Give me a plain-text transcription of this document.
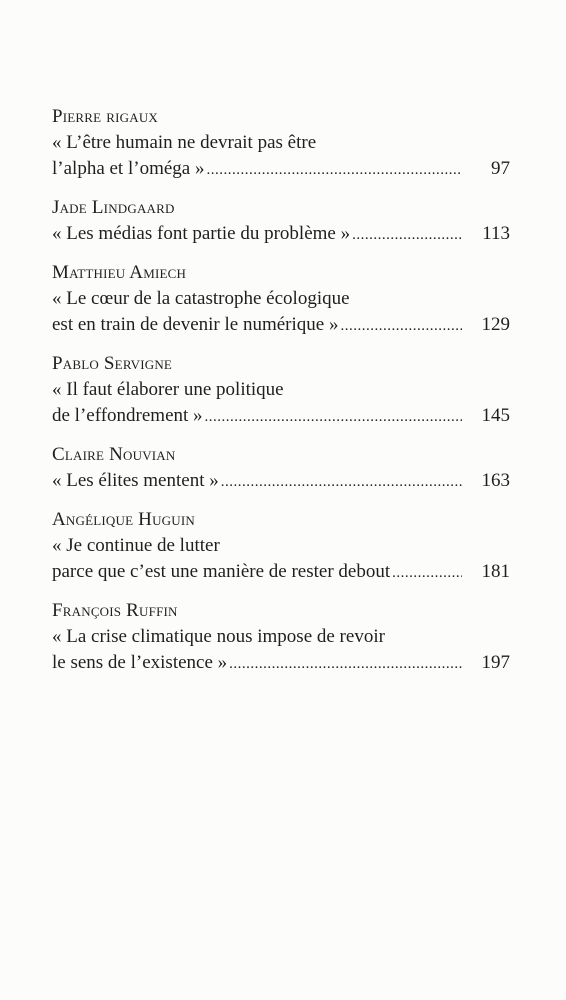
Pierre rigaux
« L’être humain ne devrait pas être
l’alpha et l’oméga » .....	97
Jade Lindgaard
« Les médias font partie du problème » .....	113
Matthieu Amiech
« Le cœur de la catastrophe écologique
est en train de devenir le numérique » .....	129
Pablo Servigne
« Il faut élaborer une politique
de l’effondrement » .....	145
Claire Nouvian
« Les élites mentent » .....	163
Angélique Huguin
« Je continue de lutter
parce que c’est une manière de rester debout .....	181
François Ruffin
« La crise climatique nous impose de revoir
le sens de l’existence » .....	197
